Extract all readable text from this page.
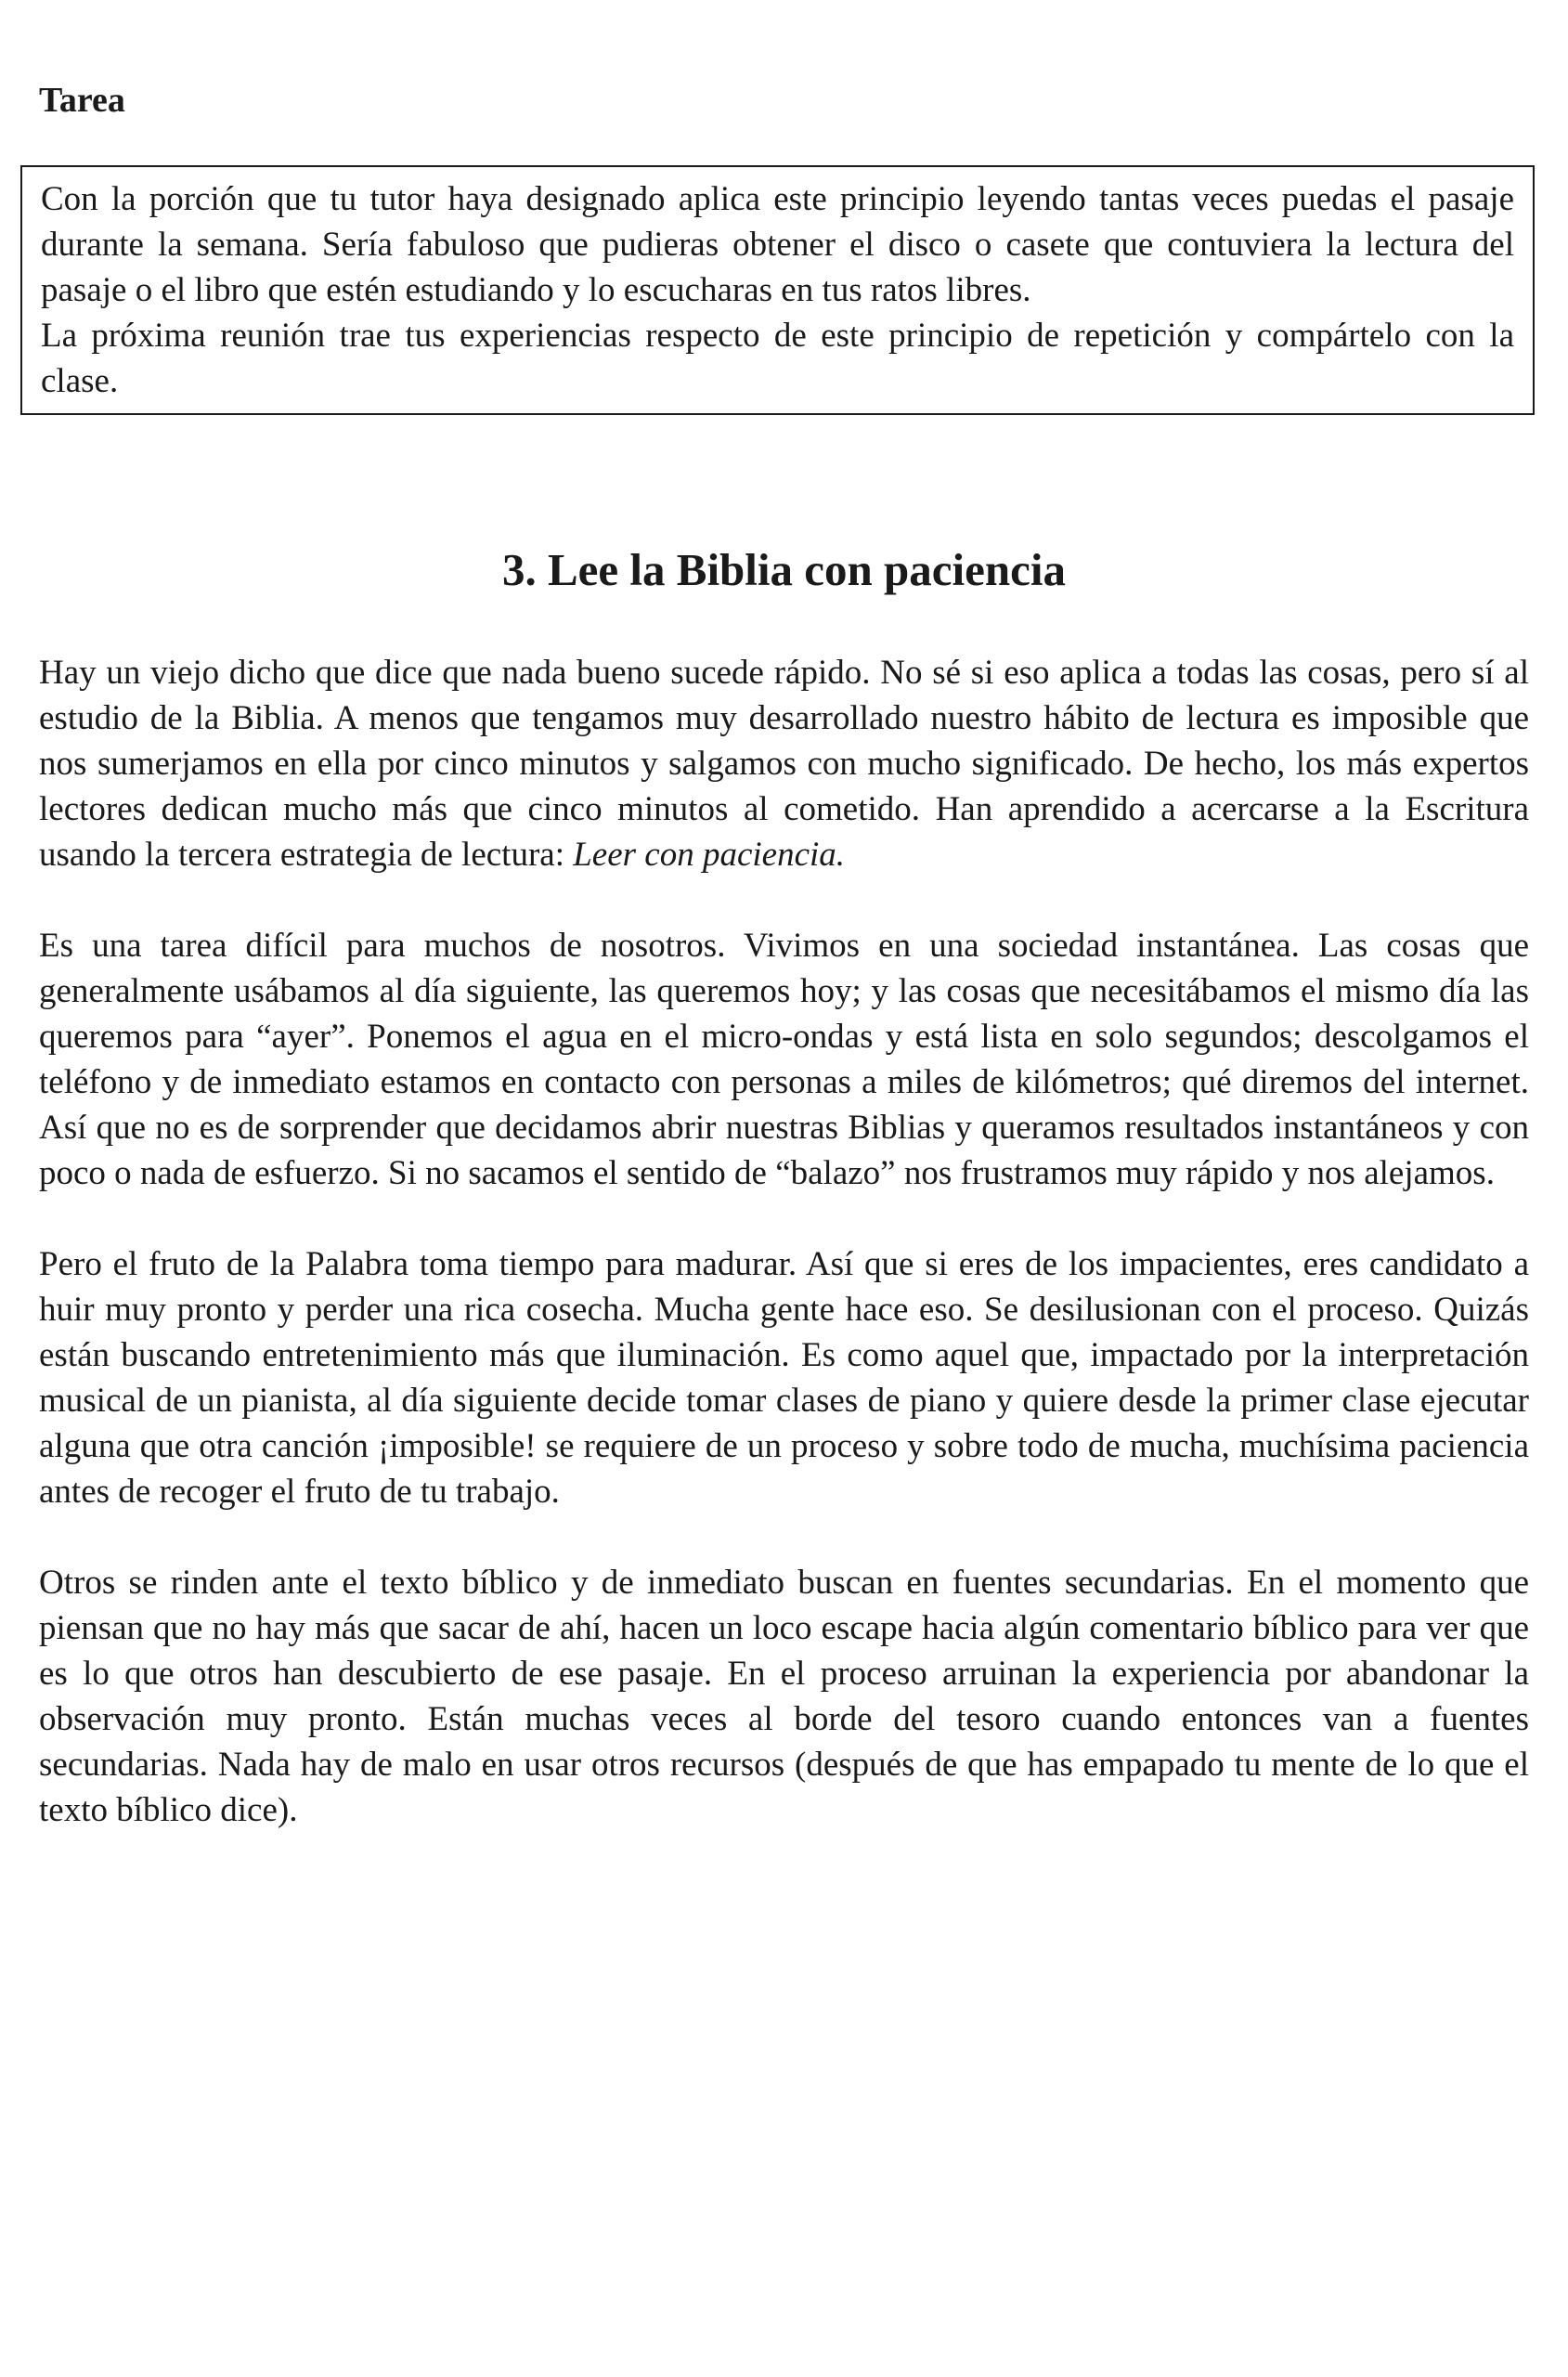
Tarea

Con la porción que tu tutor haya designado aplica este principio leyendo tantas veces puedas el pasaje durante la semana. Sería fabuloso que pudieras obtener el disco o casete que contuviera la lectura del pasaje o el libro que estén estudiando y lo escucharas en tus ratos libres.

La próxima reunión trae tus experiencias respecto de este principio de repetición y compártelo con la clase.

3. Lee la Biblia con paciencia

Hay un viejo dicho que dice que nada bueno sucede rápido. No sé si eso aplica a todas las cosas, pero sí al estudio de la Biblia. A menos que tengamos muy desarrollado nuestro hábito de lectura es imposible que nos sumerjamos en ella por cinco minutos y salgamos con mucho significado. De hecho, los más expertos lectores dedican mucho más que cinco minutos al cometido. Han aprendido a acercarse a la Escritura usando la tercera estrategia de lectura: Leer con paciencia.

Es una tarea difícil para muchos de nosotros. Vivimos en una sociedad instantánea. Las cosas que generalmente usábamos al día siguiente, las queremos hoy; y las cosas que necesitábamos el mismo día las queremos para “ayer”. Ponemos el agua en el micro-ondas y está lista en solo segundos; descolgamos el teléfono y de inmediato estamos en contacto con personas a miles de kilómetros; qué diremos del internet. Así que no es de sorprender que decidamos abrir nuestras Biblias y queramos resultados instantáneos y con poco o nada de esfuerzo. Si no sacamos el sentido de “balazo” nos frustramos muy rápido y nos alejamos.

Pero el fruto de la Palabra toma tiempo para madurar. Así que si eres de los impacientes, eres candidato a huir muy pronto y perder una rica cosecha. Mucha gente hace eso. Se desilusionan con el proceso. Quizás están buscando entretenimiento más que iluminación. Es como aquel que, impactado por la interpretación musical de un pianista, al día siguiente decide tomar clases de piano y quiere desde la primer clase ejecutar alguna que otra canción ¡imposible! se requiere de un proceso y sobre todo de mucha, muchísima paciencia antes de recoger el fruto de tu trabajo.

Otros se rinden ante el texto bíblico y de inmediato buscan en fuentes secundarias. En el momento que piensan que no hay más que sacar de ahí, hacen un loco escape hacia algún comentario bíblico para ver que es lo que otros han descubierto de ese pasaje. En el proceso arruinan la experiencia por abandonar la observación muy pronto. Están muchas veces al borde del tesoro cuando entonces van a fuentes secundarias. Nada hay de malo en usar otros recursos (después de que has empapado tu mente de lo que el texto bíblico dice).
